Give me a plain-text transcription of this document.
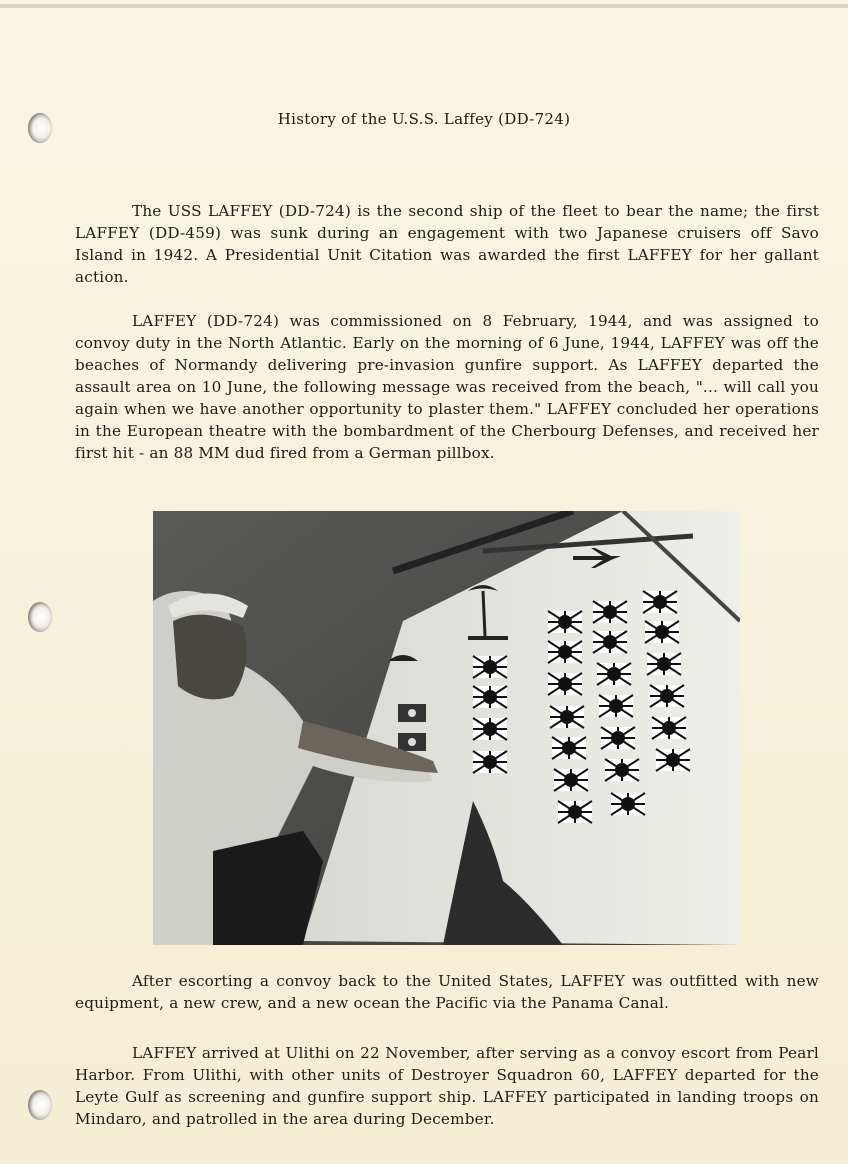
History of the U.S.S. Laffey (DD-724)

The USS LAFFEY (DD-724) is the second ship of the fleet to bear the name; the first LAFFEY (DD-459) was sunk during an engagement with two Japanese cruisers off Savo Island in 1942. A Presidential Unit Citation was awarded the first LAFFEY for her gallant action.

LAFFEY (DD-724) was commissioned on 8 February, 1944, and was assigned to convoy duty in the North Atlantic. Early on the morning of 6 June, 1944, LAFFEY was off the beaches of Normandy delivering pre-invasion gunfire support. As LAFFEY departed the assault area on 10 June, the following message was received from the beach, "... will call you again when we have another opportunity to plaster them." LAFFEY concluded her operations in the European theatre with the bombardment of the Cherbourg Defenses, and received her first hit - an 88 MM dud fired from a German pillbox.

After escorting a convoy back to the United States, LAFFEY was outfitted with new equipment, a new crew, and a new ocean the Pacific via the Panama Canal.

LAFFEY arrived at Ulithi on 22 November, after serving as a convoy escort from Pearl Harbor. From Ulithi, with other units of Destroyer Squadron 60, LAFFEY departed for the Leyte Gulf as screening and gunfire support ship. LAFFEY participated in landing troops on Mindaro, and patrolled in the area during December.
